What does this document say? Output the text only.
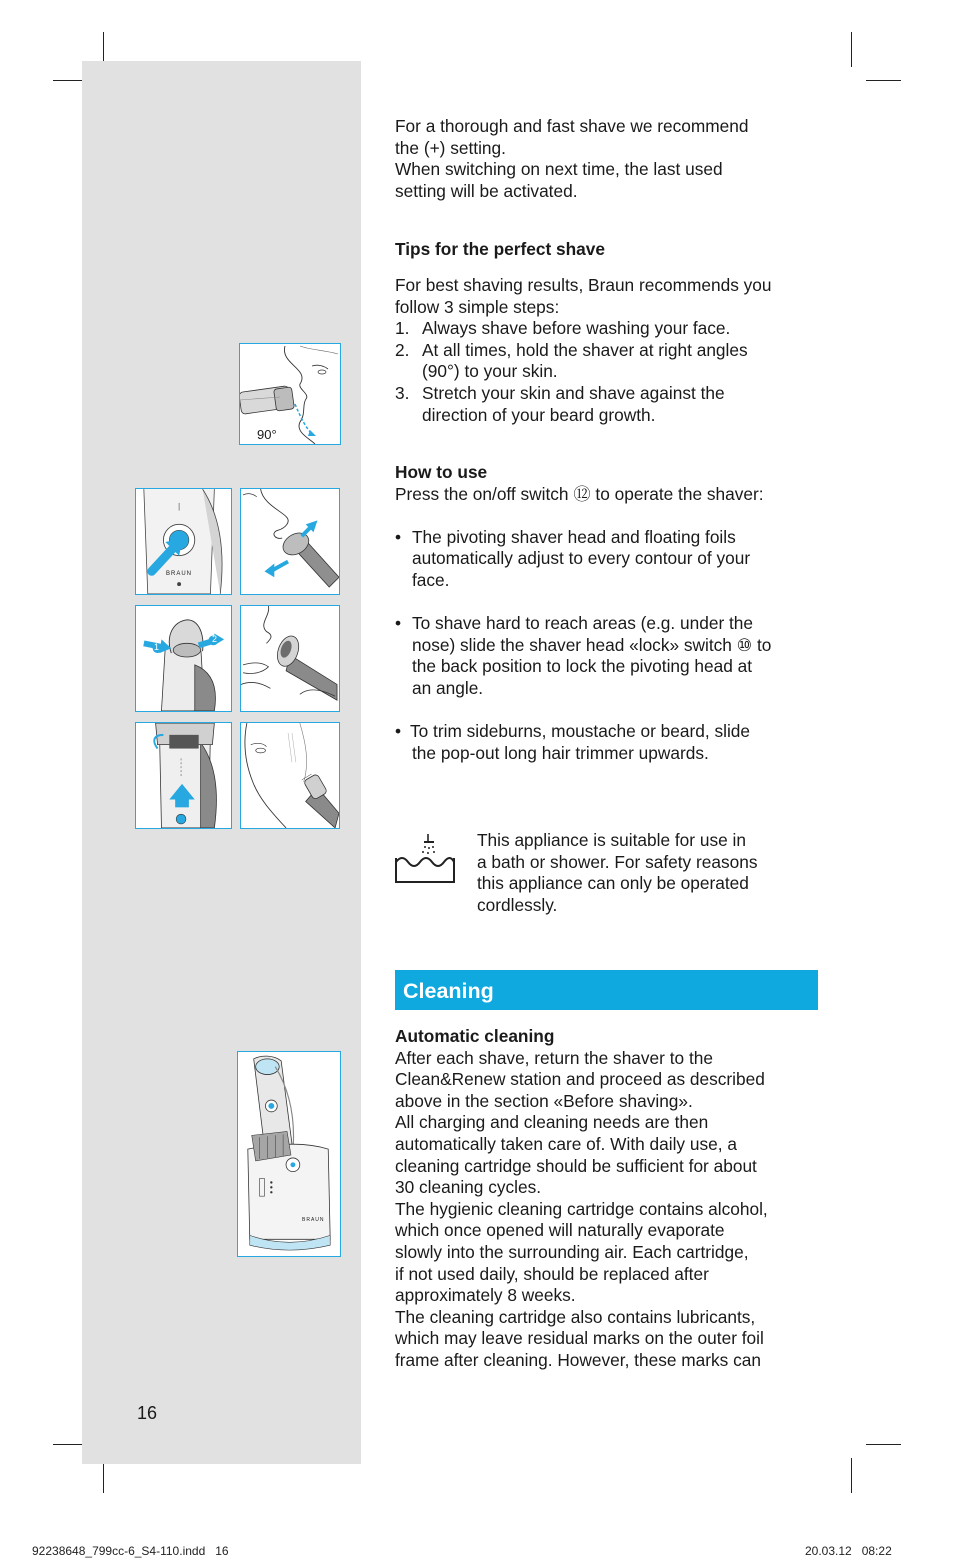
90°
BRAUN
1
2
BRAUN

For a thorough and fast shave we recommend

the (+) setting.

When switching on next time, the last used

setting will be activated.

Tips for the perfect shave

For best shaving results, Braun recommends you

follow 3 simple steps:

1. Always shave before washing your face.
2. At all times, hold the shaver at right angles
(90°) to your skin.
3. Stretch your skin and shave against the
direction of your beard growth.

How to use

Press the on/off switch ⑫ to operate the shaver:

• The pivoting shaver head and floating foils
automatically adjust to every contour of your
face.
• To shave hard to reach areas (e.g. under the
nose) slide the shaver head «lock» switch ⑩ to
the back position to lock the pivoting head at
an angle.
• To trim sideburns, moustache or beard, slide
the pop-out long hair trimmer upwards.

This appliance is suitable for use in

a bath or shower. For safety reasons

this appliance can only be operated

cordlessly.

Cleaning

Automatic cleaning

After each shave, return the shaver to the

Clean&Renew station and proceed as described

above in the section «Before shaving».

All charging and cleaning needs are then

automatically taken care of. With daily use, a

cleaning cartridge should be sufficient for about

30 cleaning cycles.

The hygienic cleaning cartridge contains alcohol,

which once opened will naturally evaporate

slowly into the surrounding air. Each cartridge,

if not used daily, should be replaced after

approximately 8 weeks.

The cleaning cartridge also contains lubricants,

which may leave residual marks on the outer foil

frame after cleaning. However, these marks can

16
92238648_799cc-6_S4-110.indd   16	20.03.12   08:22
